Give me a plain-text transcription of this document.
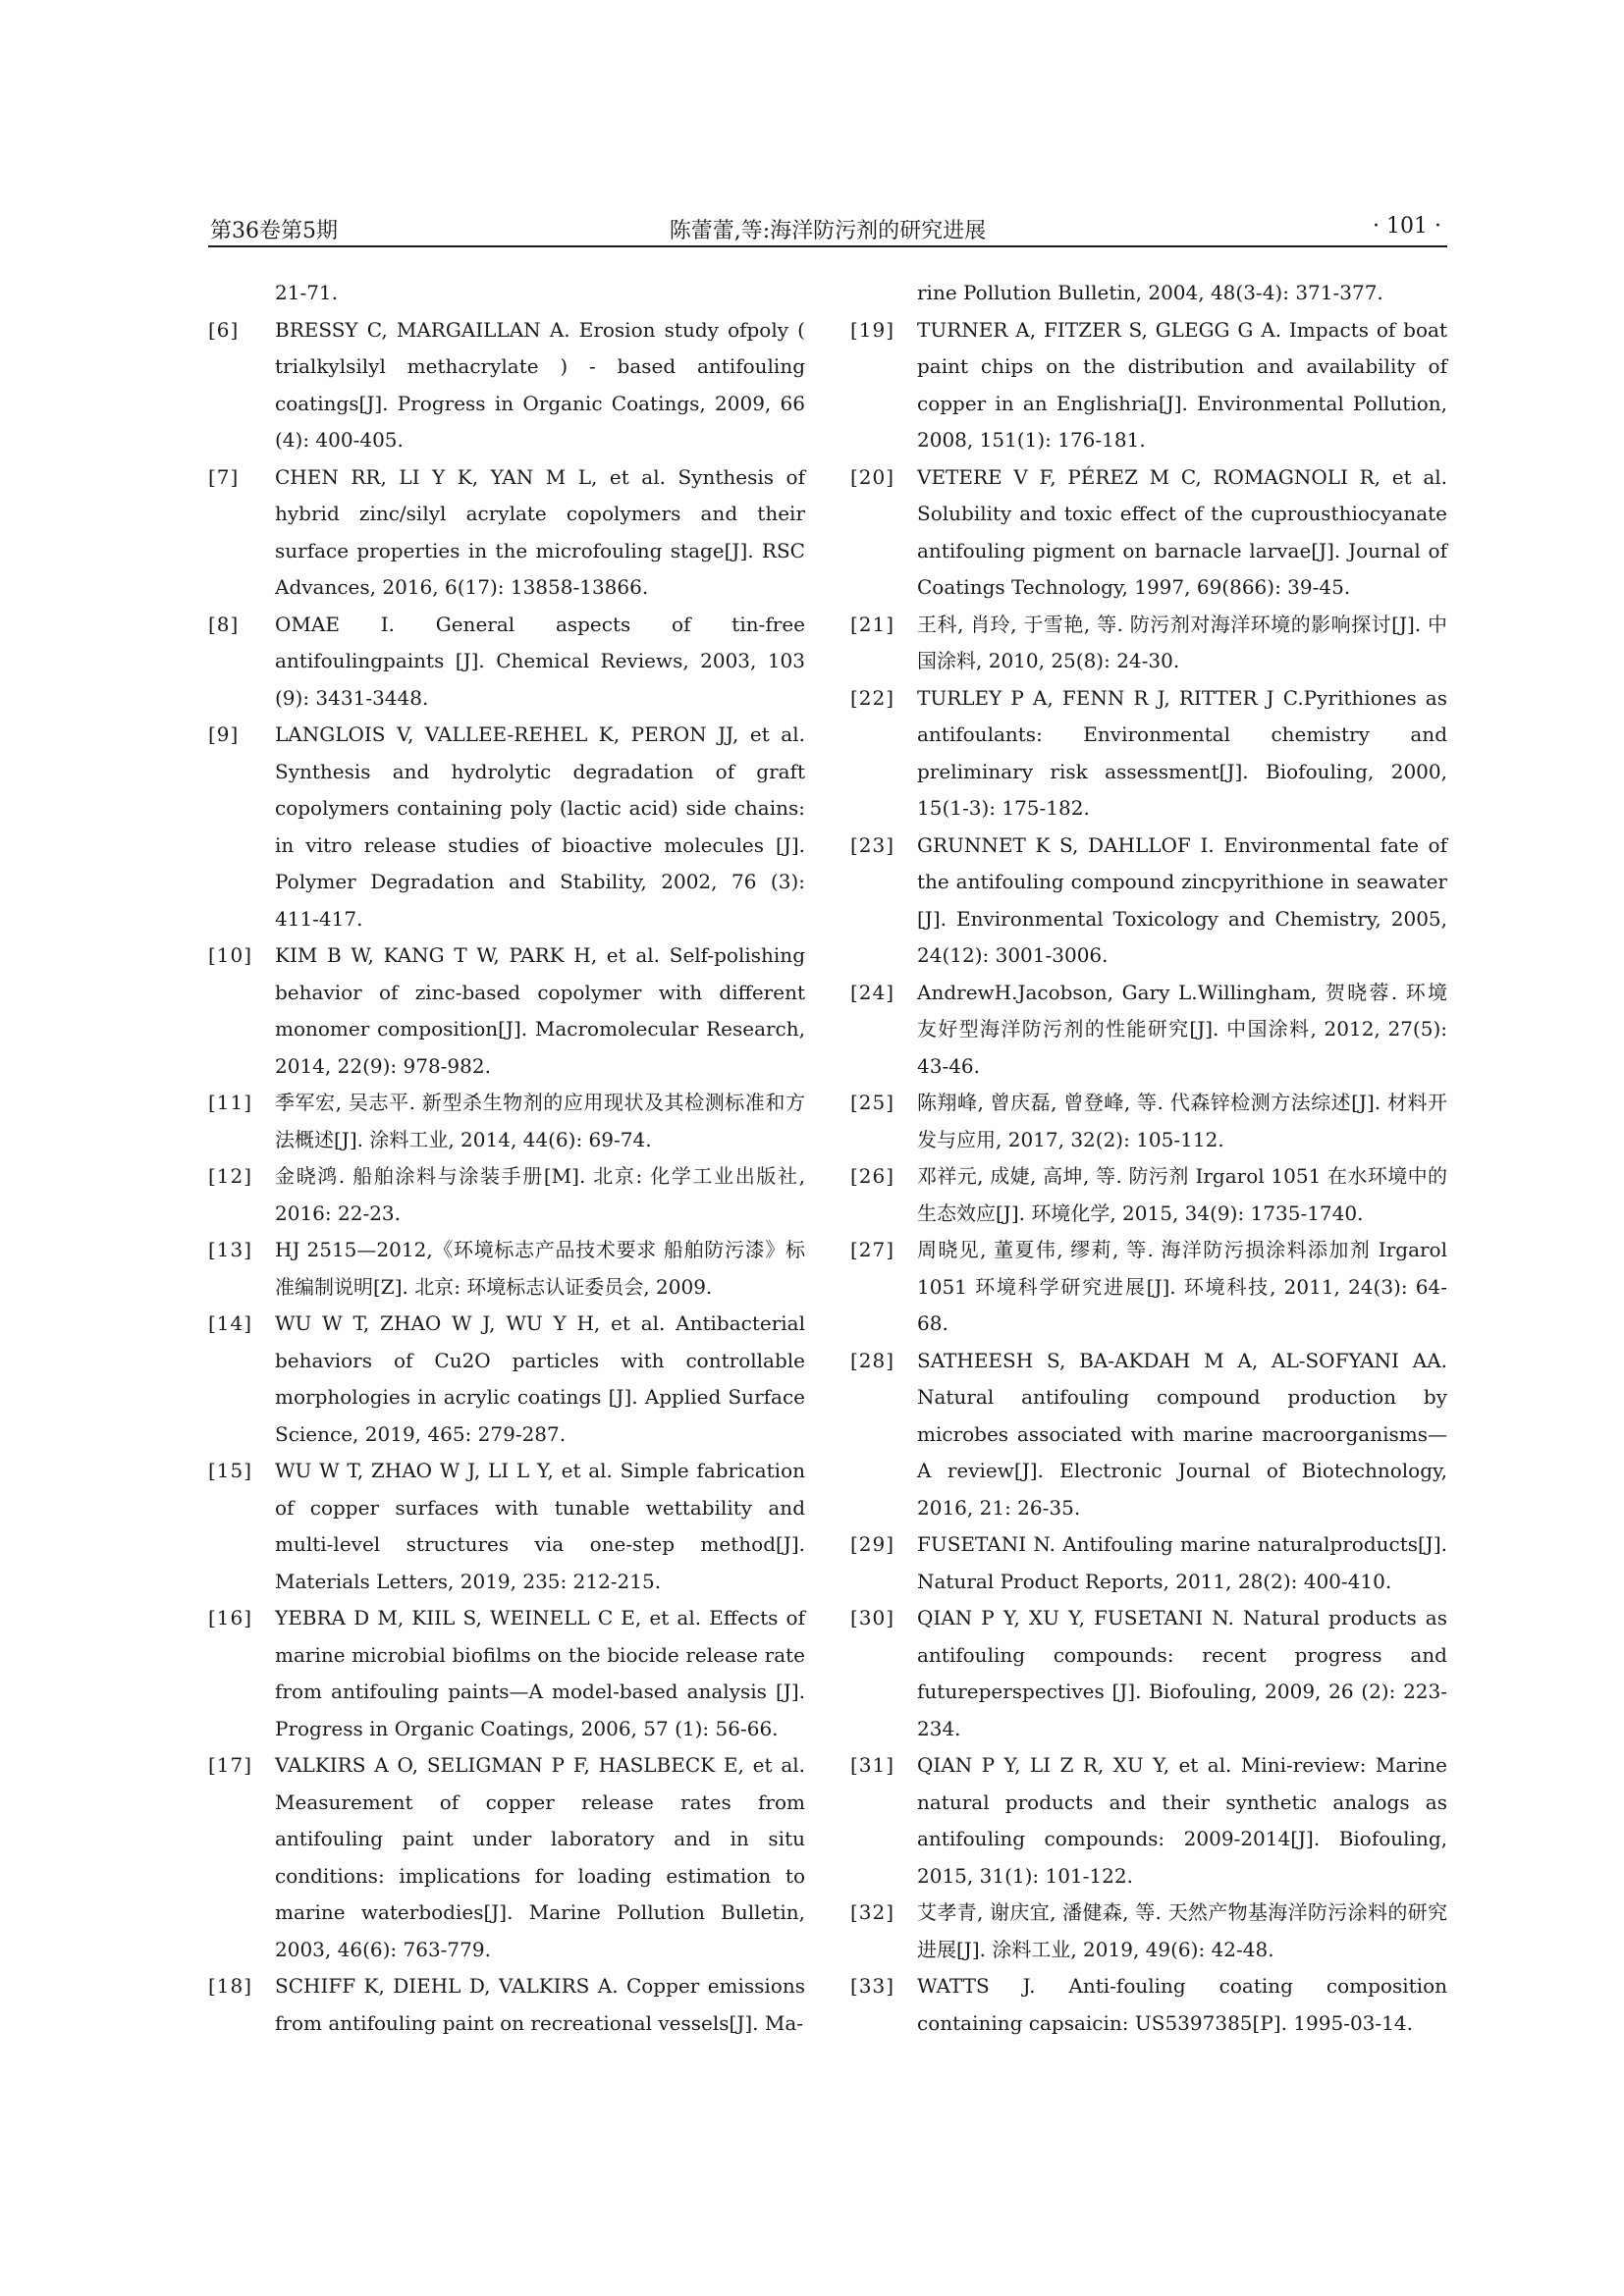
第36卷第5期	陈蕾蕾,等:海洋防污剂的研究进展	· 101 ·
21-71.
[6]	BRESSY C, MARGAILLAN A. Erosion study ofpoly ( trialkylsilyl methacrylate ) - based antifouling coatings[J]. Progress in Organic Coatings, 2009, 66 (4): 400-405.
[7]	CHEN RR, LI Y K, YAN M L, et al. Synthesis of hybrid zinc/silyl acrylate copolymers and their surface properties in the microfouling stage[J]. RSC Advances, 2016, 6(17): 13858-13866.
[8]	OMAE I. General aspects of tin-free antifoulingpaints [J]. Chemical Reviews, 2003, 103 (9): 3431-3448.
[9]	LANGLOIS V, VALLEE-REHEL K, PERON JJ, et al. Synthesis and hydrolytic degradation of graft copolymers containing poly (lactic acid) side chains: in vitro release studies of bioactive molecules [J]. Polymer Degradation and Stability, 2002, 76 (3): 411-417.
[10]	KIM B W, KANG T W, PARK H, et al. Self-polishing behavior of zinc-based copolymer with different monomer composition[J]. Macromolecular Research, 2014, 22(9): 978-982.
[11]	季军宏, 吴志平. 新型杀生物剂的应用现状及其检测标准和方法概述[J]. 涂料工业, 2014, 44(6): 69-74.
[12]	金晓鸿. 船舶涂料与涂装手册[M]. 北京: 化学工业出版社, 2016: 22-23.
[13]	HJ 2515—2012,《环境标志产品技术要求 船舶防污漆》标准编制说明[Z]. 北京: 环境标志认证委员会, 2009.
[14]	WU W T, ZHAO W J, WU Y H, et al. Antibacterial behaviors of Cu2O particles with controllable morphologies in acrylic coatings [J]. Applied Surface Science, 2019, 465: 279-287.
[15]	WU W T, ZHAO W J, LI L Y, et al. Simple fabrication of copper surfaces with tunable wettability and multi-level structures via one-step method[J]. Materials Letters, 2019, 235: 212-215.
[16]	YEBRA D M, KIIL S, WEINELL C E, et al. Effects of marine microbial biofilms on the biocide release rate from antifouling paints—A model-based analysis [J]. Progress in Organic Coatings, 2006, 57 (1): 56-66.
[17]	VALKIRS A O, SELIGMAN P F, HASLBECK E, et al. Measurement of copper release rates from antifouling paint under laboratory and in situ conditions: implications for loading estimation to marine waterbodies[J]. Marine Pollution Bulletin, 2003, 46(6): 763-779.
[18]	SCHIFF K, DIEHL D, VALKIRS A. Copper emissions from antifouling paint on recreational vessels[J]. Ma-
rine Pollution Bulletin, 2004, 48(3-4): 371-377.
[19]	TURNER A, FITZER S, GLEGG G A. Impacts of boat paint chips on the distribution and availability of copper in an Englishria[J]. Environmental Pollution, 2008, 151(1): 176-181.
[20]	VETERE V F, PÉREZ M C, ROMAGNOLI R, et al. Solubility and toxic effect of the cuprousthiocyanate antifouling pigment on barnacle larvae[J]. Journal of Coatings Technology, 1997, 69(866): 39-45.
[21]	王科, 肖玲, 于雪艳, 等. 防污剂对海洋环境的影响探讨[J]. 中国涂料, 2010, 25(8): 24-30.
[22]	TURLEY P A, FENN R J, RITTER J C.Pyrithiones as antifoulants: Environmental chemistry and preliminary risk assessment[J]. Biofouling, 2000, 15(1-3): 175-182.
[23]	GRUNNET K S, DAHLLOF I. Environmental fate of the antifouling compound zincpyrithione in seawater [J]. Environmental Toxicology and Chemistry, 2005, 24(12): 3001-3006.
[24]	AndrewH.Jacobson, Gary L.Willingham, 贺晓蓉. 环境友好型海洋防污剂的性能研究[J]. 中国涂料, 2012, 27(5): 43-46.
[25]	陈翔峰, 曾庆磊, 曾登峰, 等. 代森锌检测方法综述[J]. 材料开发与应用, 2017, 32(2): 105-112.
[26]	邓祥元, 成婕, 高坤, 等. 防污剂 Irgarol 1051 在水环境中的生态效应[J]. 环境化学, 2015, 34(9): 1735-1740.
[27]	周晓见, 董夏伟, 缪莉, 等. 海洋防污损涂料添加剂 Irgarol 1051 环境科学研究进展[J]. 环境科技, 2011, 24(3): 64-68.
[28]	SATHEESH S, BA-AKDAH M A, AL-SOFYANI AA. Natural antifouling compound production by microbes associated with marine macroorganisms—A review[J]. Electronic Journal of Biotechnology, 2016, 21: 26-35.
[29]	FUSETANI N. Antifouling marine naturalproducts[J]. Natural Product Reports, 2011, 28(2): 400-410.
[30]	QIAN P Y, XU Y, FUSETANI N. Natural products as antifouling compounds: recent progress and futureperspectives [J]. Biofouling, 2009, 26 (2): 223-234.
[31]	QIAN P Y, LI Z R, XU Y, et al. Mini-review: Marine natural products and their synthetic analogs as antifouling compounds: 2009-2014[J]. Biofouling, 2015, 31(1): 101-122.
[32]	艾孝青, 谢庆宜, 潘健森, 等. 天然产物基海洋防污涂料的研究进展[J]. 涂料工业, 2019, 49(6): 42-48.
[33]	WATTS J. Anti-fouling coating composition containing capsaicin: US5397385[P]. 1995-03-14.
